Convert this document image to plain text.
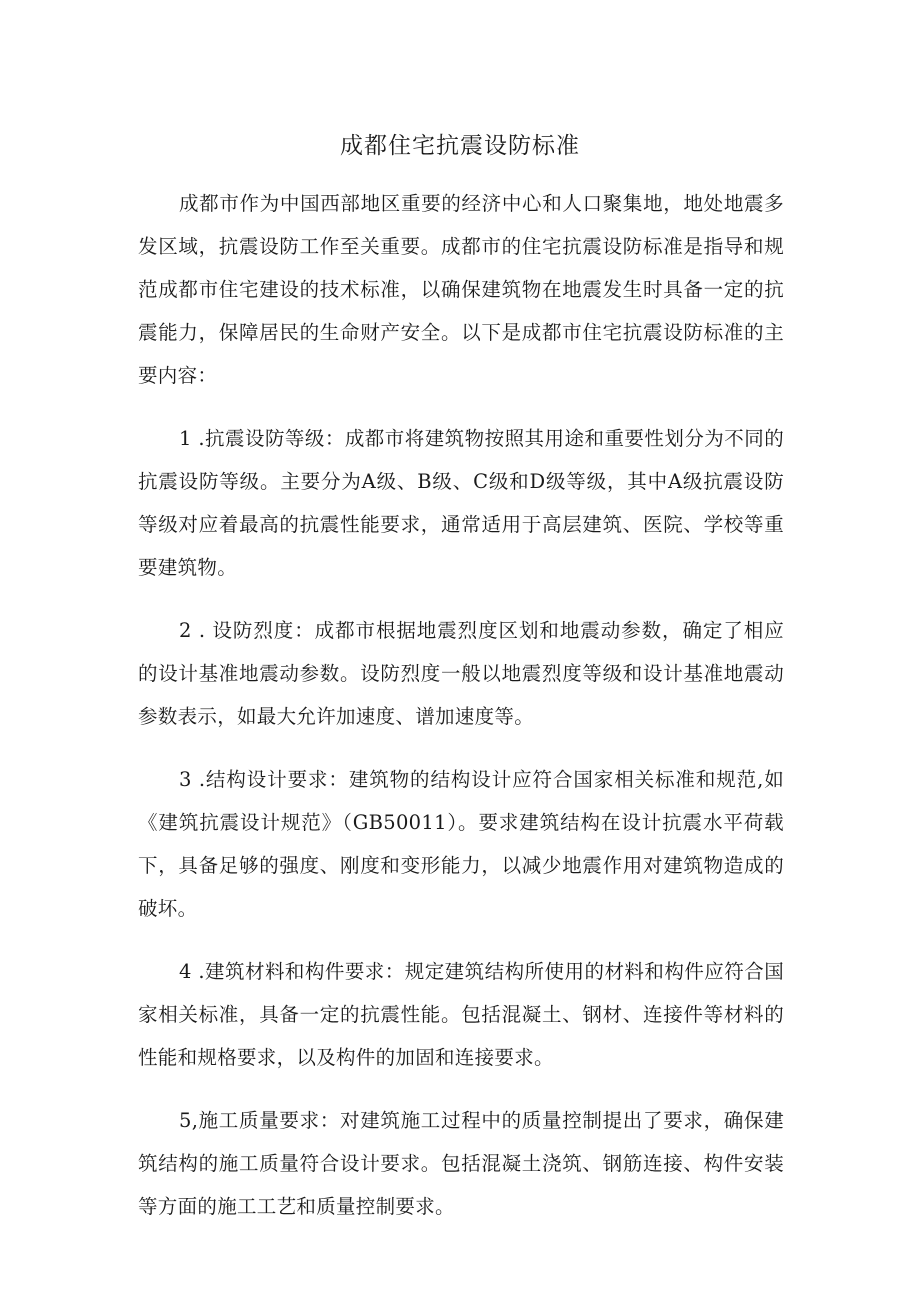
成都住宅抗震设防标准

成都市作为中国西部地区重要的经济中心和人口聚集地，地处地震多发区域，抗震设防工作至关重要。成都市的住宅抗震设防标准是指导和规范成都市住宅建设的技术标准，以确保建筑物在地震发生时具备一定的抗震能力，保障居民的生命财产安全。以下是成都市住宅抗震设防标准的主要内容：

1 .抗震设防等级：成都市将建筑物按照其用途和重要性划分为不同的抗震设防等级。主要分为A级、B级、C级和D级等级，其中A级抗震设防等级对应着最高的抗震性能要求，通常适用于高层建筑、医院、学校等重要建筑物。

2 . 设防烈度：成都市根据地震烈度区划和地震动参数，确定了相应的设计基准地震动参数。设防烈度一般以地震烈度等级和设计基准地震动参数表示，如最大允许加速度、谱加速度等。

3 .结构设计要求：建筑物的结构设计应符合国家相关标准和规范,如《建筑抗震设计规范》（GB50011）。要求建筑结构在设计抗震水平荷载下，具备足够的强度、刚度和变形能力，以减少地震作用对建筑物造成的破坏。

4 .建筑材料和构件要求：规定建筑结构所使用的材料和构件应符合国家相关标准，具备一定的抗震性能。包括混凝土、钢材、连接件等材料的性能和规格要求，以及构件的加固和连接要求。

5,施工质量要求：对建筑施工过程中的质量控制提出了要求，确保建筑结构的施工质量符合设计要求。包括混凝土浇筑、钢筋连接、构件安装等方面的施工工艺和质量控制要求。
